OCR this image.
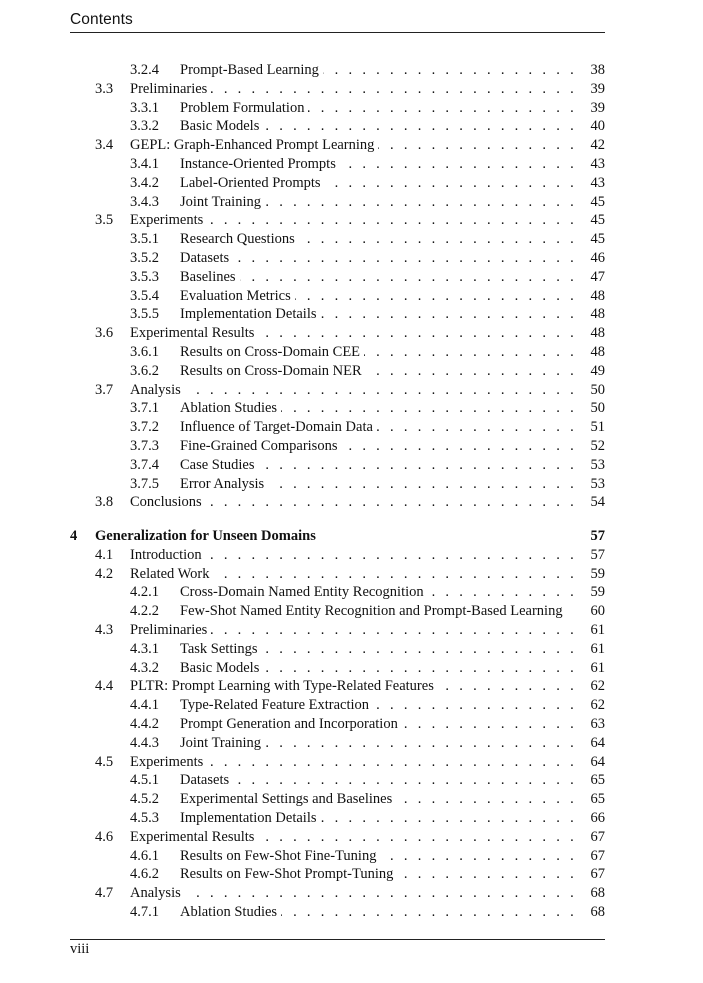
Contents
3.2.4 Prompt-Based Learning . . .	38
3.3 Preliminaries . . .	39
3.3.1 Problem Formulation . . .	39
3.3.2 Basic Models . . .	40
3.4 GEPL: Graph-Enhanced Prompt Learning . . .	42
3.4.1 Instance-Oriented Prompts . . .	43
3.4.2 Label-Oriented Prompts . . .	43
3.4.3 Joint Training . . .	45
3.5 Experiments . . .	45
3.5.1 Research Questions . . .	45
3.5.2 Datasets . . .	46
3.5.3 Baselines . . .	47
3.5.4 Evaluation Metrics . . .	48
3.5.5 Implementation Details . . .	48
3.6 Experimental Results . . .	48
3.6.1 Results on Cross-Domain CEE . . .	48
3.6.2 Results on Cross-Domain NER . . .	49
3.7 Analysis . . .	50
3.7.1 Ablation Studies . . .	50
3.7.2 Influence of Target-Domain Data . . .	51
3.7.3 Fine-Grained Comparisons . . .	52
3.7.4 Case Studies . . .	53
3.7.5 Error Analysis . . .	53
3.8 Conclusions . . .	54
4 Generalization for Unseen Domains	57
4.1 Introduction . . .	57
4.2 Related Work . . .	59
4.2.1 Cross-Domain Named Entity Recognition . . .	59
4.2.2 Few-Shot Named Entity Recognition and Prompt-Based Learning	60
4.3 Preliminaries . . .	61
4.3.1 Task Settings . . .	61
4.3.2 Basic Models . . .	61
4.4 PLTR: Prompt Learning with Type-Related Features . . .	62
4.4.1 Type-Related Feature Extraction . . .	62
4.4.2 Prompt Generation and Incorporation . . .	63
4.4.3 Joint Training . . .	64
4.5 Experiments . . .	64
4.5.1 Datasets . . .	65
4.5.2 Experimental Settings and Baselines . . .	65
4.5.3 Implementation Details . . .	66
4.6 Experimental Results . . .	67
4.6.1 Results on Few-Shot Fine-Tuning . . .	67
4.6.2 Results on Few-Shot Prompt-Tuning . . .	67
4.7 Analysis . . .	68
4.7.1 Ablation Studies . . .	68
viii
